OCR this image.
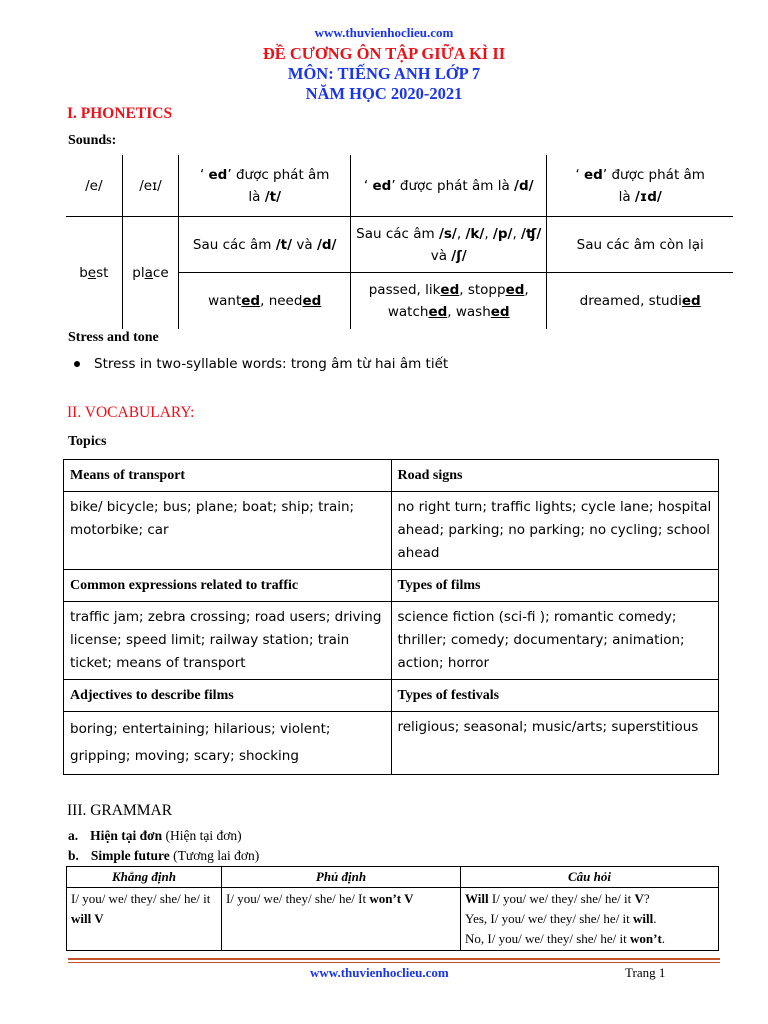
www.thuvienhoclieu.com
ĐỀ CƯƠNG ÔN TẬP GIỮA KÌ II
MÔN: TIẾNG ANH LỚP 7
NĂM HỌC 2020-2021
I. PHONETICS
Sounds:
/e/	/eɪ/	‘ ed’ được phát âm
là /t/	‘ ed’ được phát âm là /d/	‘ ed’ được phát âm
là /ɪd/
best	place	Sau các âm /t/ và /d/	Sau các âm /s/, /k/, /p/, /ʧ/
và /ʃ/	Sau các âm còn lại
		wanted, needed	passed, liked, stopped,
watched, washed	dreamed, studied
Stress and tone
Stress in two-syllable words: trong âm từ hai âm tiết
II. VOCABULARY:
Topics
Means of transport	Road signs
bike/ bicycle; bus; plane; boat; ship; train; motorbike; car	no right turn; traffic lights; cycle lane; hospital ahead; parking; no parking; no cycling; school ahead
Common expressions related to traffic	Types of films
traffic jam; zebra crossing; road users; driving license; speed limit; railway station; train ticket; means of transport	science fiction (sci-fi ); romantic comedy; thriller; comedy; documentary; animation; action; horror
Adjectives to describe films	Types of festivals
boring; entertaining; hilarious; violent; gripping; moving; scary; shocking	religious; seasonal; music/arts; superstitious
III. GRAMMAR
a. Hiện tại đơn (Hiện tại đơn)
b. Simple future (Tương lai đơn)
Khẳng định	Phủ định	Câu hỏi
I/ you/ we/ they/ she/ he/ it will V	I/ you/ we/ they/ she/ he/ It won’t V	Will I/ you/ we/ they/ she/ he/ it V?
Yes, I/ you/ we/ they/ she/ he/ it will.
No, I/ you/ we/ they/ she/ he/ it won’t.
www.thuvienhoclieu.com	Trang 1
